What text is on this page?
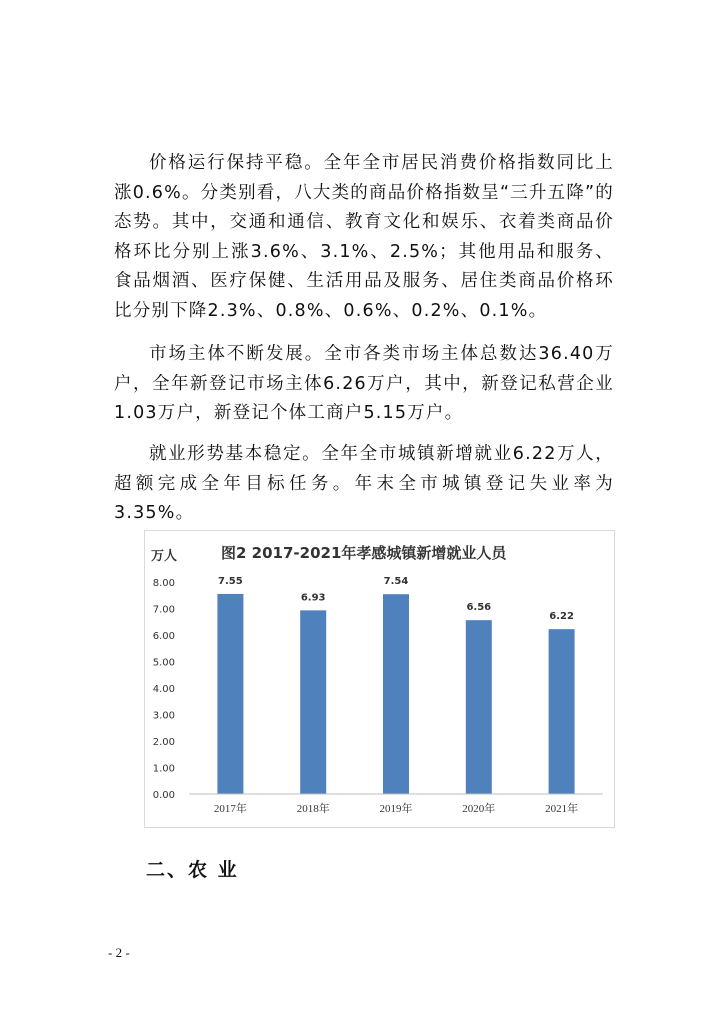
价格运行保持平稳。全年全市居民消费价格指数同比上涨0.6%。分类别看，八大类的商品价格指数呈“三升五降”的态势。其中，交通和通信、教育文化和娱乐、衣着类商品价格环比分别上涨3.6%、3.1%、2.5%；其他用品和服务、食品烟酒、医疗保健、生活用品及服务、居住类商品价格环比分别下降2.3%、0.8%、0.6%、0.2%、0.1%。

市场主体不断发展。全市各类市场主体总数达36.40万户，全年新登记市场主体6.26万户，其中，新登记私营企业1.03万户，新登记个体工商户5.15万户。

就业形势基本稳定。全年全市城镇新增就业6.22万人，超额完成全年目标任务。年末全市城镇登记失业率为3.35%。

图2 2017-2021年孝感城镇新增就业人员
万人
0.00
1.00
2.00
3.00
4.00
5.00
6.00
7.00
8.00	7.55
6.93
7.54
6.56
6.22
2017年	2018年	2019年	2020年	2021年

二、农 业

- 2 -
